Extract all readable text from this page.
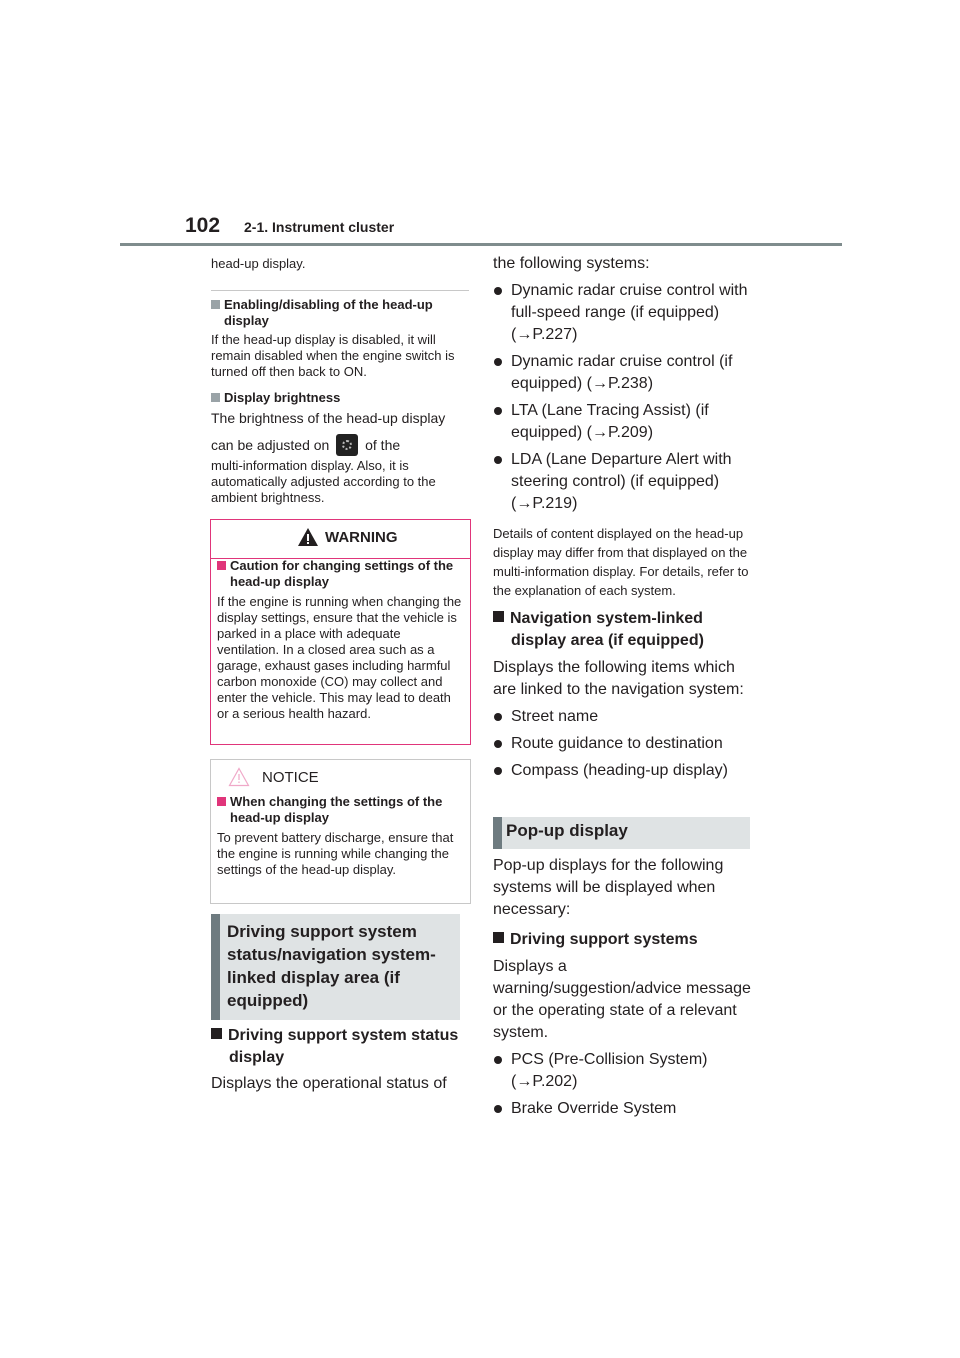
102 2-1. Instrument cluster
head-up display.
Enabling/disabling of the head-up display
If the head-up display is disabled, it will remain disabled when the engine switch is turned off then back to ON.
Display brightness
The brightness of the head-up display
can be adjusted on	of the
multi-information display. Also, it is automatically adjusted according to the ambient brightness.
WARNING
Caution for changing settings of the head-up display
If the engine is running when changing the display settings, ensure that the vehicle is parked in a place with adequate ventilation. In a closed area such as a garage, exhaust gases including harmful carbon monoxide (CO) may collect and enter the vehicle. This may lead to death or a serious health hazard.
NOTICE
When changing the settings of the head-up display
To prevent battery discharge, ensure that the engine is running while changing the settings of the head-up display.
Driving support system status/navigation system-linked display area (if equipped)
Driving support system status display
Displays the operational status of
the following systems:
Dynamic radar cruise control with full-speed range (if equipped) (→P.227)
Dynamic radar cruise control (if equipped) (→P.238)
LTA (Lane Tracing Assist) (if equipped) (→P.209)
LDA (Lane Departure Alert with steering control) (if equipped) (→P.219)
Details of content displayed on the head-up display may differ from that displayed on the multi-information display. For details, refer to the explanation of each system.
Navigation system-linked display area (if equipped)
Displays the following items which are linked to the navigation system:
Street name
Route guidance to destination
Compass (heading-up display)
Pop-up display
Pop-up displays for the following systems will be displayed when necessary:
Driving support systems
Displays a warning/suggestion/advice message or the operating state of a relevant system.
PCS (Pre-Collision System) (→P.202)
Brake Override System
